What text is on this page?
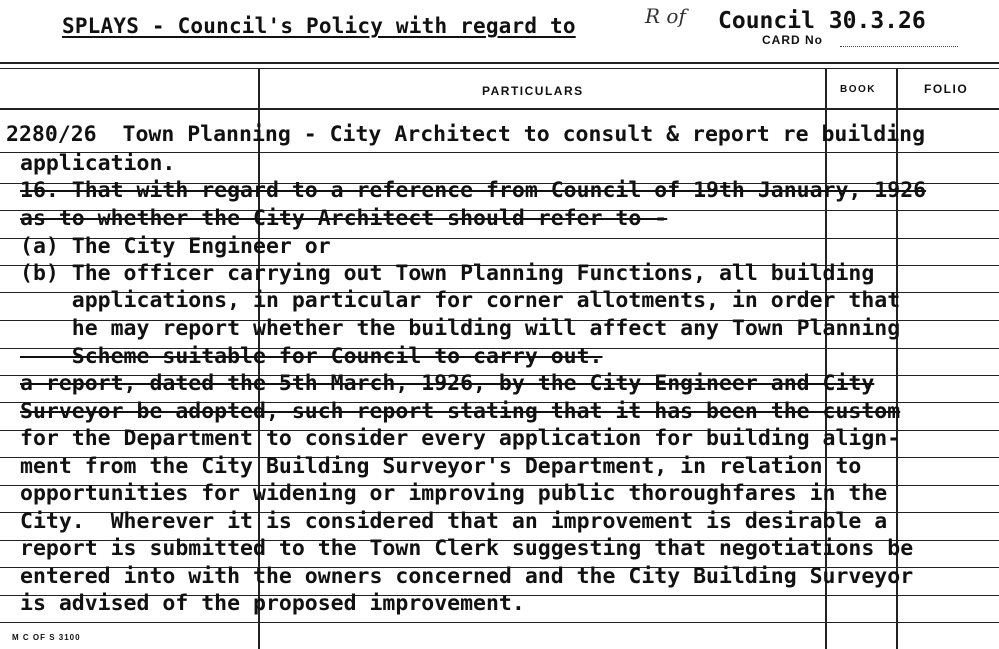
SPLAYS - Council's Policy with regard to	R of Council 30.3.26
CARD No
PARTICULARS	BOOK	FOLIO
2280/26  Town Planning - City Architect to consult & report re building
application.
16. That with regard to a reference from Council of 19th January, 1926
as to whether the City Architect should refer to -
(a) The City Engineer or
(b) The officer carrying out Town Planning Functions, all building
applications, in particular for corner allotments, in order that
he may report whether the building will affect any Town Planning
Scheme suitable for Council to carry out.
a report, dated the 5th March, 1926, by the City Engineer and City
Surveyor be adopted, such report stating that it has been the custom
for the Department to consider every application for building align-
ment from the City Building Surveyor's Department, in relation to
opportunities for widening or improving public thoroughfares in the
City.  Wherever it is considered that an improvement is desirable a
report is submitted to the Town Clerk suggesting that negotiations be
entered into with the owners concerned and the City Building Surveyor
is advised of the proposed improvement.
M C OF S 3100
